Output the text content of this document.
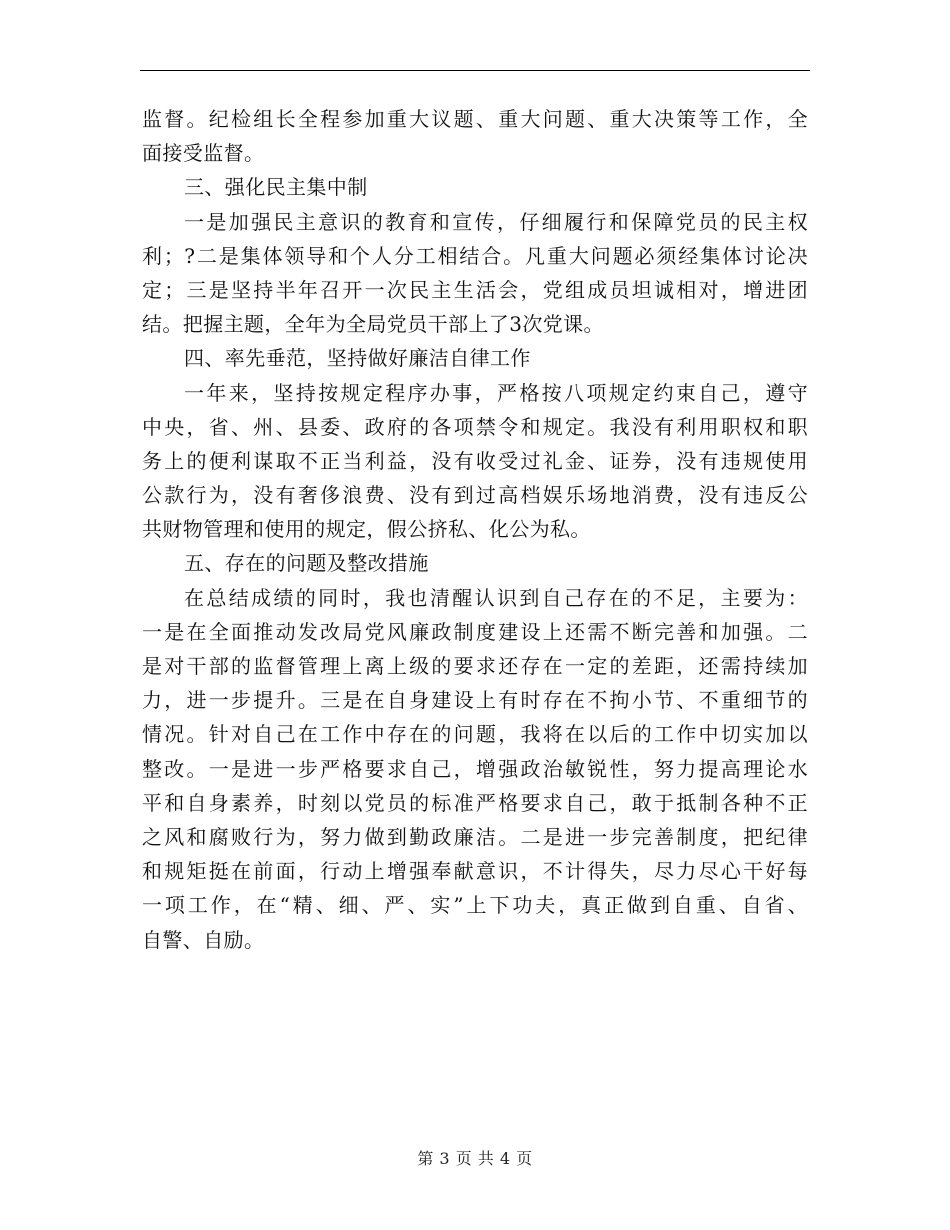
监督。纪检组长全程参加重大议题、重大问题、重大决策等工作，全
面接受监督。
三、强化民主集中制
一是加强民主意识的教育和宣传，仔细履行和保障党员的民主权
利；?二是集体领导和个人分工相结合。凡重大问题必须经集体讨论决
定；三是坚持半年召开一次民主生活会，党组成员坦诚相对，增进团
结。把握主题，全年为全局党员干部上了3次党课。
四、率先垂范，坚持做好廉洁自律工作
一年来，坚持按规定程序办事，严格按八项规定约束自己，遵守
中央，省、州、县委、政府的各项禁令和规定。我没有利用职权和职
务上的便利谋取不正当利益，没有收受过礼金、证券，没有违规使用
公款行为，没有奢侈浪费、没有到过高档娱乐场地消费，没有违反公
共财物管理和使用的规定，假公挤私、化公为私。
五、存在的问题及整改措施
在总结成绩的同时，我也清醒认识到自己存在的不足，主要为：
一是在全面推动发改局党风廉政制度建设上还需不断完善和加强。二
是对干部的监督管理上离上级的要求还存在一定的差距，还需持续加
力，进一步提升。三是在自身建设上有时存在不拘小节、不重细节的
情况。针对自己在工作中存在的问题，我将在以后的工作中切实加以
整改。一是进一步严格要求自己，增强政治敏锐性，努力提高理论水
平和自身素养，时刻以党员的标准严格要求自己，敢于抵制各种不正
之风和腐败行为，努力做到勤政廉洁。二是进一步完善制度，把纪律
和规矩挺在前面，行动上增强奉献意识，不计得失，尽力尽心干好每
一项工作，在“精、细、严、实”上下功夫，真正做到自重、自省、
自警、自励。
第 3 页 共 4 页
